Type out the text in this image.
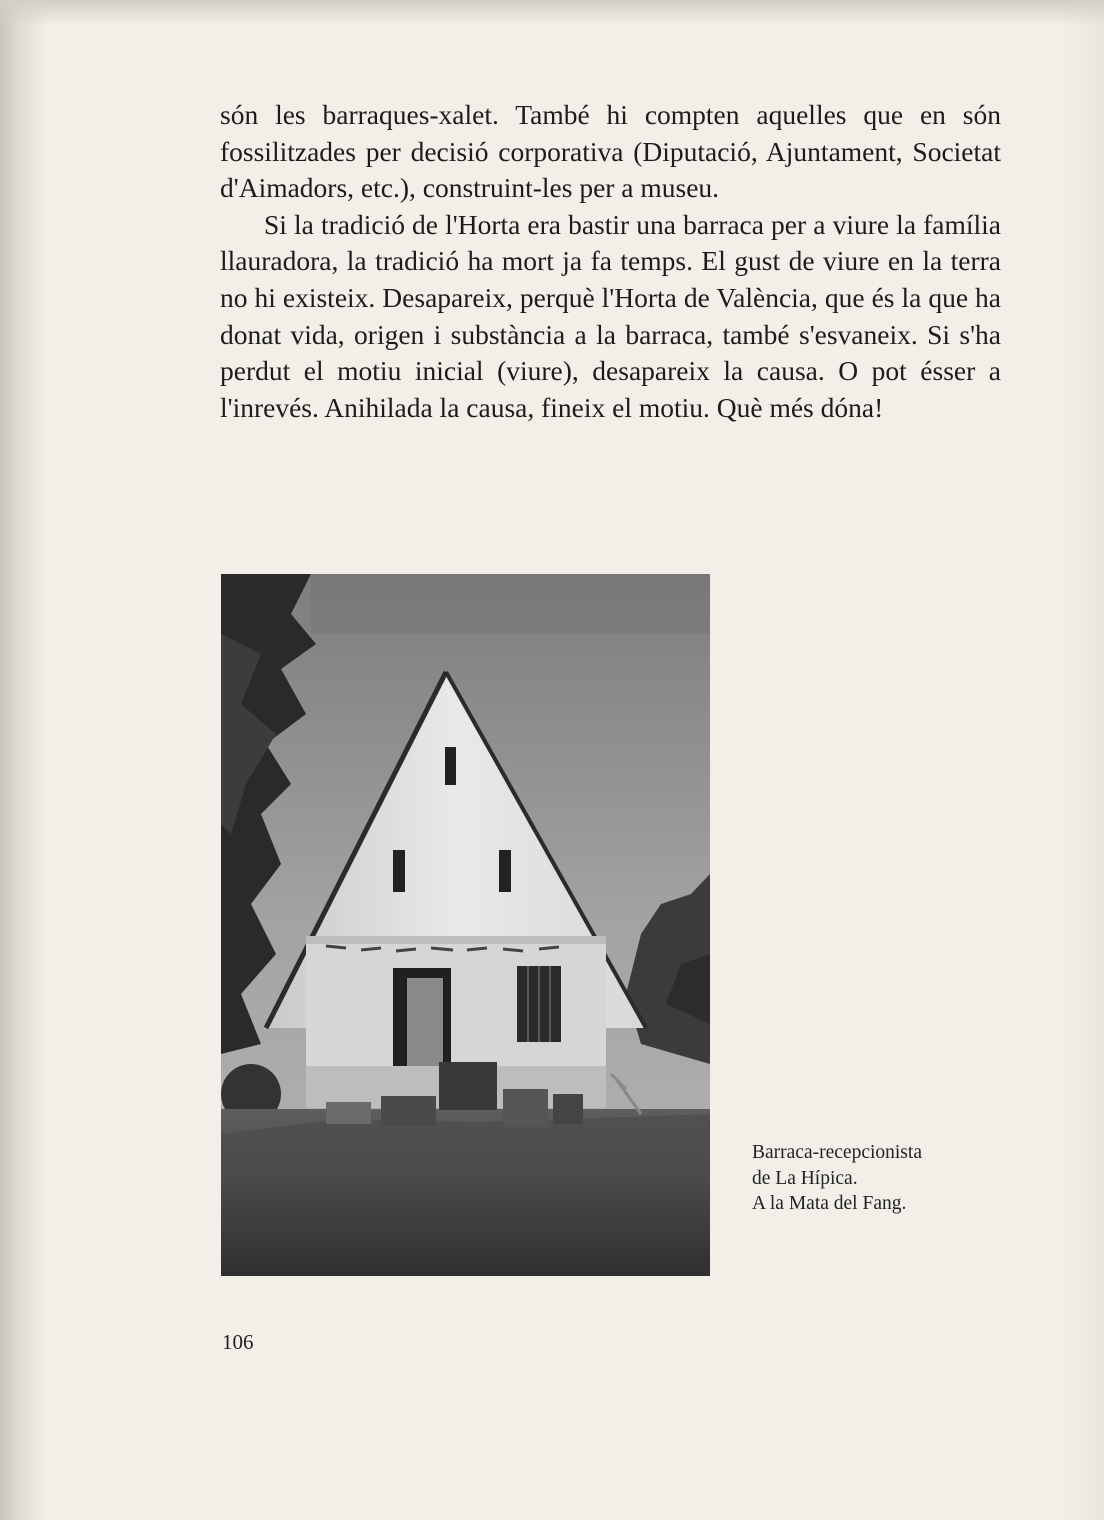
són les barraques-xalet. També hi compten aquelles que en són fossilitzades per decisió corporativa (Diputació, Ajuntament, Societat d'Aimadors, etc.), construint-les per a museu.

Si la tradició de l'Horta era bastir una barraca per a viure la família llauradora, la tradició ha mort ja fa temps. El gust de viure en la terra no hi existeix. Desapareix, perquè l'Horta de València, que és la que ha donat vida, origen i substància a la barraca, també s'esvaneix. Si s'ha perdut el motiu inicial (viure), desapareix la causa. O pot ésser a l'inrevés. Anihilada la causa, fineix el motiu. Què més dóna!

Barraca-recepcionista
de La Hípica.
A la Mata del Fang.
106
